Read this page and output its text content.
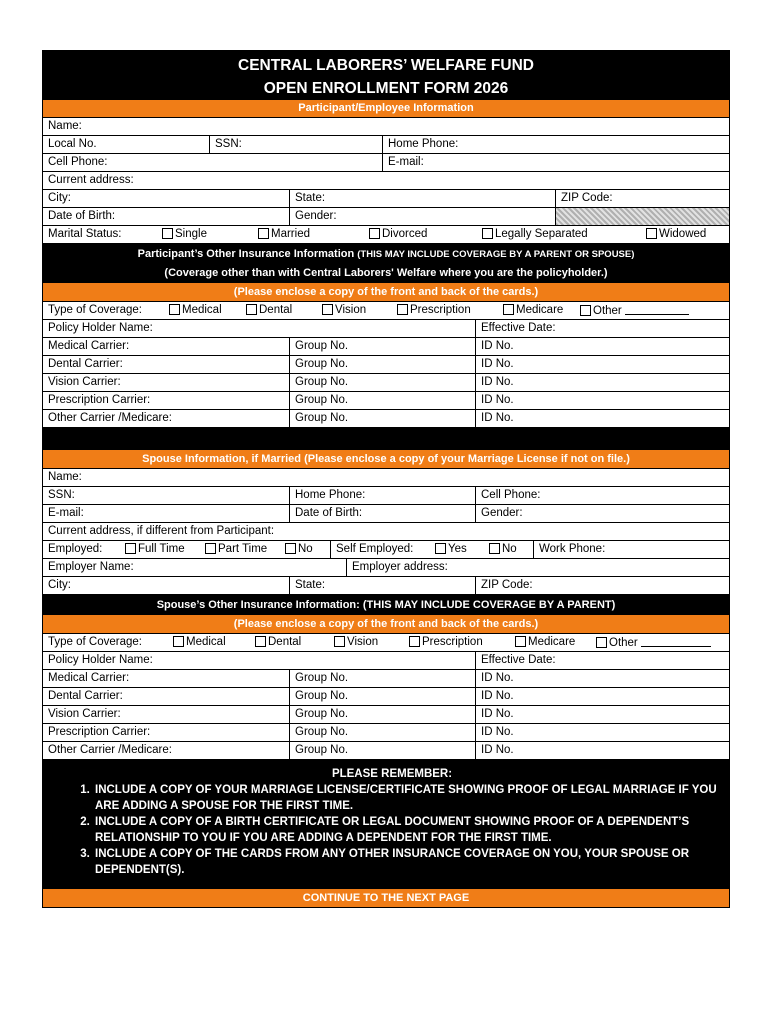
CENTRAL LABORERS’ WELFARE FUND
OPEN ENROLLMENT FORM 2026
Participant/Employee Information
Name:
Local No.	SSN:	Home Phone:
Cell Phone:	E-mail:
Current address:
City:	State:	ZIP Code:
Date of Birth:	Gender:
Marital Status:	Single	Married	Divorced	Legally Separated	Widowed
Participant’s Other Insurance Information (THIS MAY INCLUDE COVERAGE BY A PARENT OR SPOUSE)
(Coverage other than with Central Laborers' Welfare where you are the policyholder.)
(Please enclose a copy of the front and back of the cards.)
Type of Coverage:	Medical	Dental	Vision	Prescription	Medicare	Other
Policy Holder Name:	Effective Date:
Medical Carrier:	Group No.	ID No.
Dental Carrier:	Group No.	ID No.
Vision Carrier:	Group No.	ID No.
Prescription Carrier:	Group No.	ID No.
Other Carrier /Medicare:	Group No.	ID No.
Spouse Information, if Married (Please enclose a copy of your Marriage License if not on file.)
Name:
SSN:	Home Phone:	Cell Phone:
E-mail:	Date of Birth:	Gender:
Current address, if different from Participant:
Employed:	Full Time	Part Time	No	Self Employed:	Yes	No	Work Phone:
Employer Name:	Employer address:
City:	State:	ZIP Code:
Spouse’s Other Insurance Information: (THIS MAY INCLUDE COVERAGE BY A PARENT)
(Please enclose a copy of the front and back of the cards.)
Type of Coverage:	Medical	Dental	Vision	Prescription	Medicare	Other
Policy Holder Name:	Effective Date:
Medical Carrier:	Group No.	ID No.
Dental Carrier:	Group No.	ID No.
Vision Carrier:	Group No.	ID No.
Prescription Carrier:	Group No.	ID No.
Other Carrier /Medicare:	Group No.	ID No.
PLEASE REMEMBER:
1. INCLUDE A COPY OF YOUR MARRIAGE LICENSE/CERTIFICATE SHOWING PROOF OF LEGAL MARRIAGE IF YOU ARE ADDING A SPOUSE FOR THE FIRST TIME.
2. INCLUDE A COPY OF A BIRTH CERTIFICATE OR LEGAL DOCUMENT SHOWING PROOF OF A DEPENDENT’S RELATIONSHIP TO YOU IF YOU ARE ADDING A DEPENDENT FOR THE FIRST TIME.
3. INCLUDE A COPY OF THE CARDS FROM ANY OTHER INSURANCE COVERAGE ON YOU, YOUR SPOUSE OR DEPENDENT(S).
CONTINUE TO THE NEXT PAGE
